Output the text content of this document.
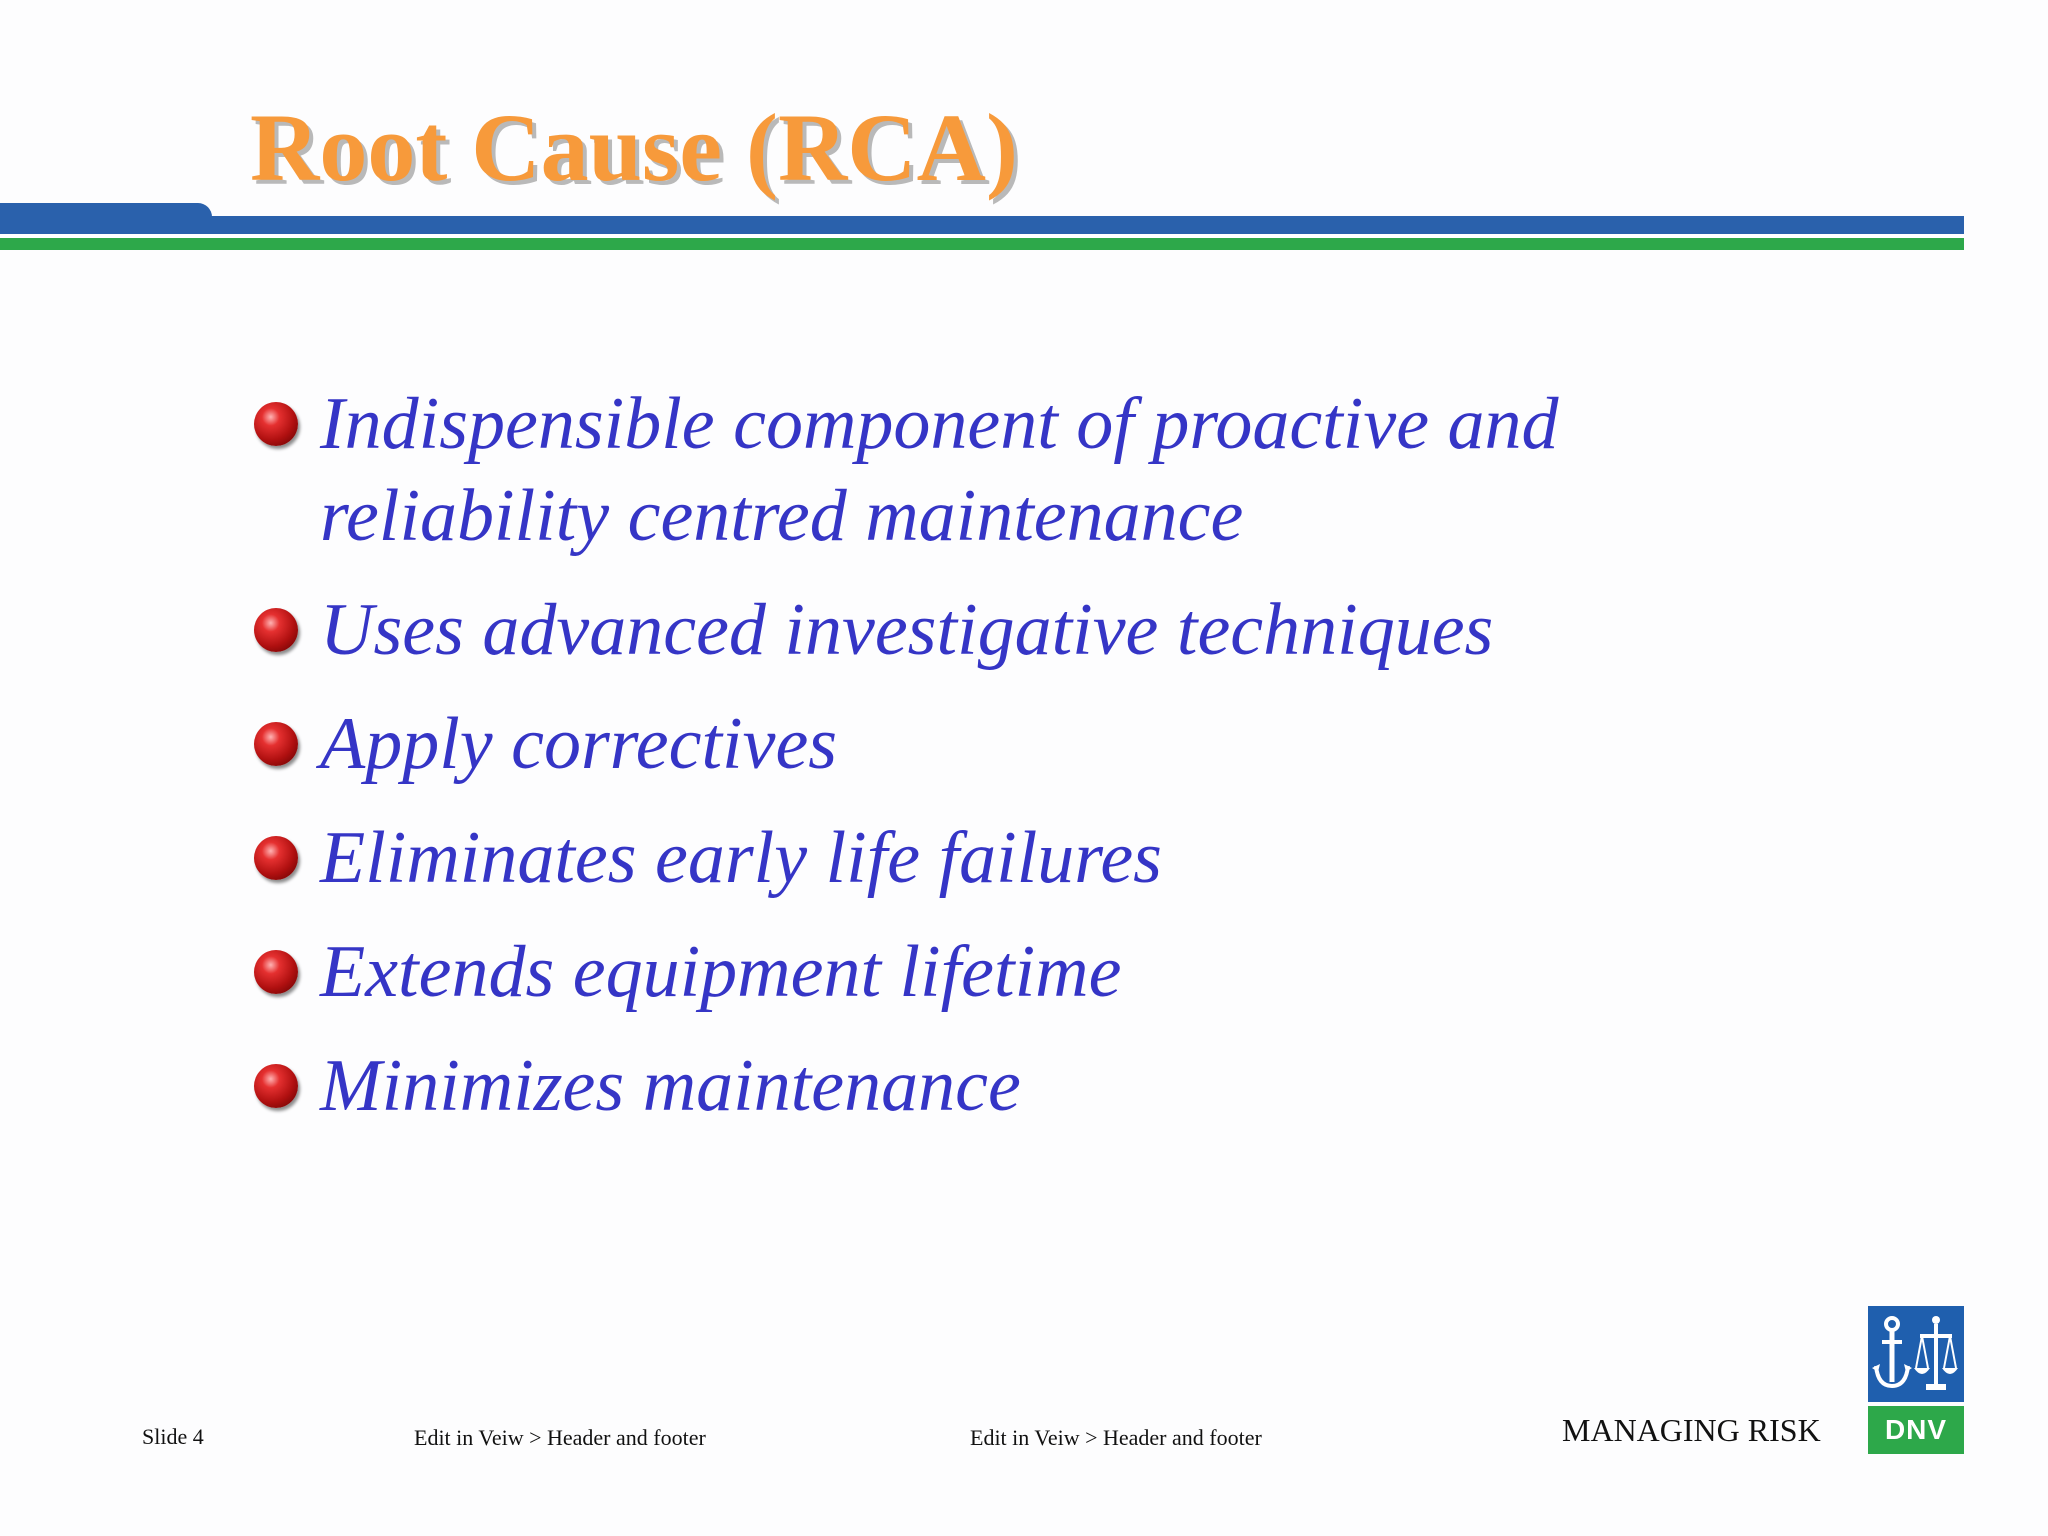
Root Cause (RCA)
Indispensible component of proactive and reliability centred maintenance
Uses advanced investigative techniques
Apply correctives
Eliminates early life failures
Extends equipment lifetime
Minimizes maintenance
Slide 4	Edit in Veiw > Header and footer	Edit in Veiw > Header and footer	MANAGING RISK	DNV
